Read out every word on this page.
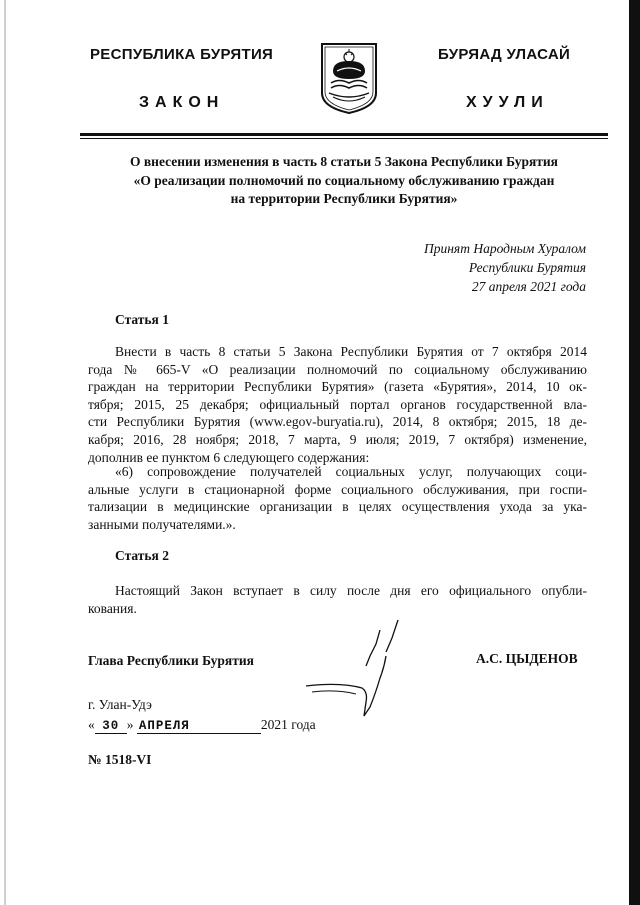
РЕСПУБЛИКА БУРЯТИЯ	БУРЯАД УЛАСАЙ
ЗАКОН	ХУУЛИ
О внесении изменения в часть 8 статьи 5 Закона Республики Бурятия
«О реализации полномочий по социальному обслуживанию граждан
на территории Республики Бурятия»
Принят Народным Хуралом
Республики Бурятия
27 апреля 2021 года
Статья 1
Внести в часть 8 статьи 5 Закона Республики Бурятия от 7 октября 2014
года № 665-V «О реализации полномочий по социальному обслуживанию
граждан на территории Республики Бурятия» (газета «Бурятия», 2014, 10 ок-
тября; 2015, 25 декабря; официальный портал органов государственной вла-
сти Республики Бурятия (www.egov-buryatia.ru), 2014, 8 октября; 2015, 18 де-
кабря; 2016, 28 ноября; 2018, 7 марта, 9 июля; 2019, 7 октября) изменение,
дополнив ее пунктом 6 следующего содержания:
«6) сопровождение получателей социальных услуг, получающих соци-
альные услуги в стационарной форме социального обслуживания, при госпи-
тализации в медицинские организации в целях осуществления ухода за ука-
занными получателями.».
Статья 2
Настоящий Закон вступает в силу после дня его официального опубли-
кования.
Глава Республики Бурятия	А.С. ЦЫДЕНОВ
г. Улан-Удэ
« 30 » АПРЕЛЯ	2021 года
№ 1518-VI
